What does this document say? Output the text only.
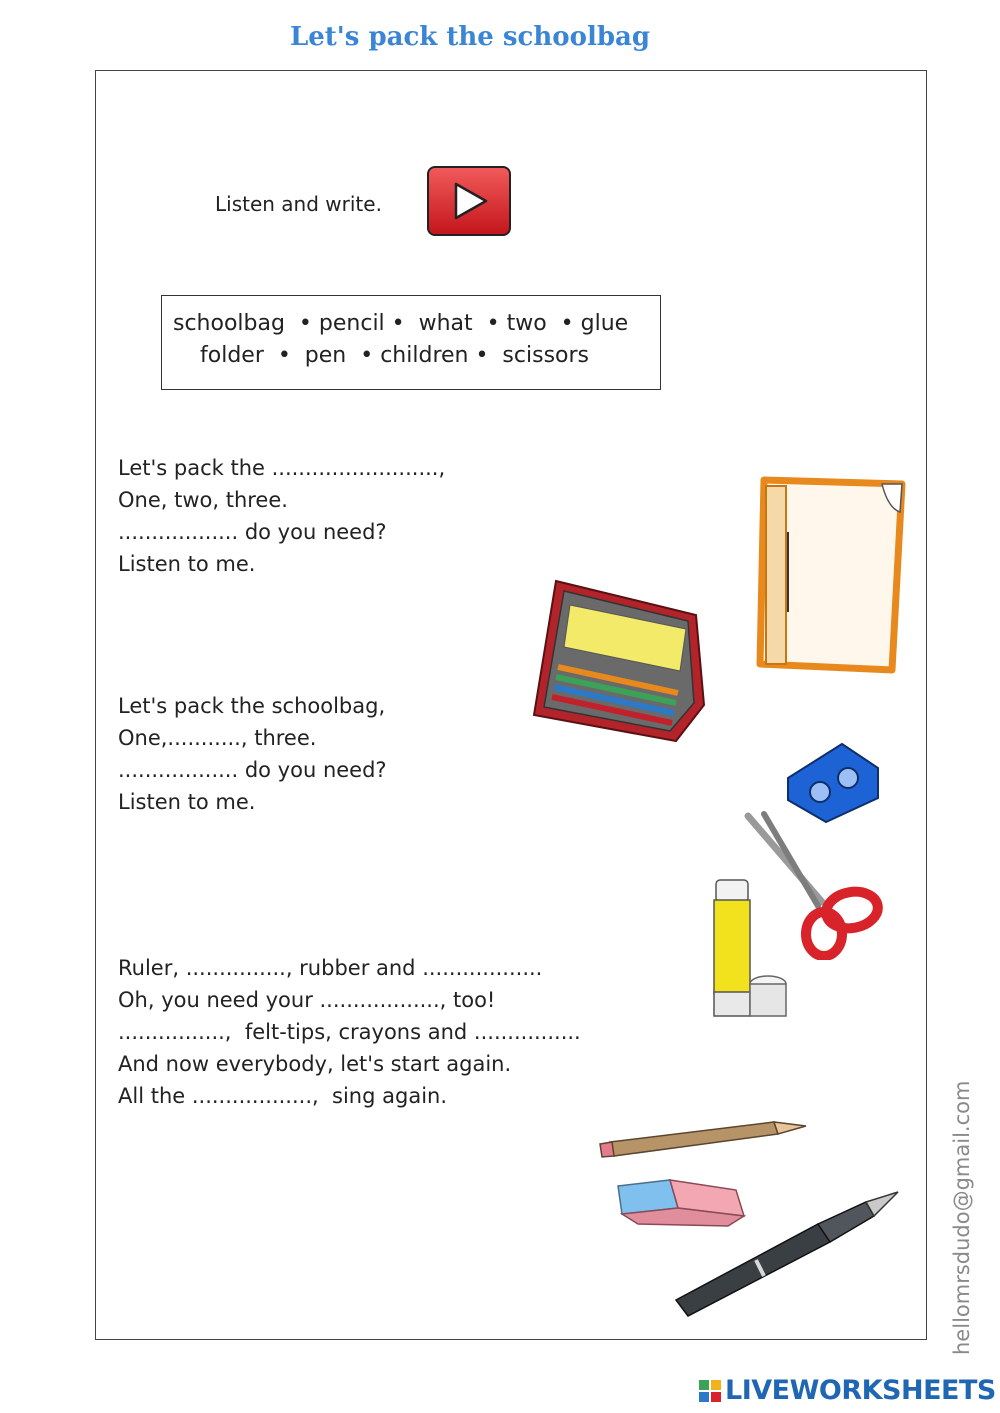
Let's pack the schoolbag
Listen and write.
schoolbag  • pencil •  what  • two  • glue
folder  •  pen  • children •  scissors
Let's pack the .........................,
One, two, three.
.................. do you need?
Listen to me.
Let's pack the schoolbag,
One,..........., three.
.................. do you need?
Listen to me.
Ruler, ..............., rubber and ..................
Oh, you need your .................., too!
................,  felt-tips, crayons and ................
And now everybody, let's start again.
All the ..................,  sing again.	hellomrsdudo@gmail.com
LIVEWORKSHEETS
